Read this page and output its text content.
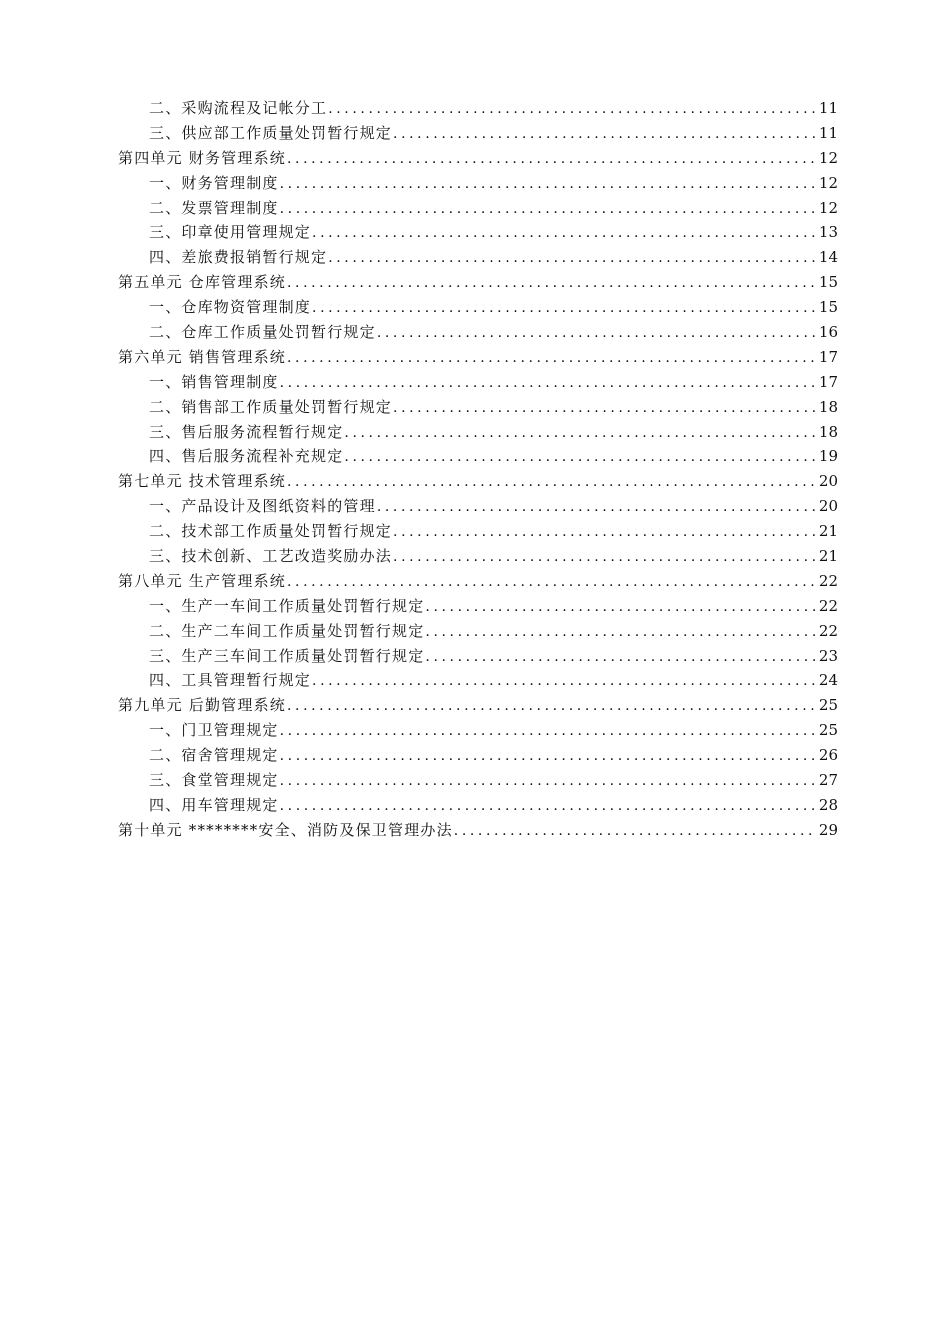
二、采购流程及记帐分工 .....	11
三、供应部工作质量处罚暂行规定 .....	11
第四单元 财务管理系统 .....	12
一、财务管理制度 .....	12
二、发票管理制度 .....	12
三、印章使用管理规定 .....	13
四、差旅费报销暂行规定 .....	14
第五单元 仓库管理系统 .....	15
一、仓库物资管理制度 .....	15
二、仓库工作质量处罚暂行规定 .....	16
第六单元 销售管理系统 .....	17
一、销售管理制度 .....	17
二、销售部工作质量处罚暂行规定 .....	18
三、售后服务流程暂行规定 .....	18
四、售后服务流程补充规定 .....	19
第七单元 技术管理系统 .....	20
一、产品设计及图纸资料的管理 .....	20
二、技术部工作质量处罚暂行规定 .....	21
三、技术创新、工艺改造奖励办法 .....	21
第八单元 生产管理系统 .....	22
一、生产一车间工作质量处罚暂行规定 .....	22
二、生产二车间工作质量处罚暂行规定 .....	22
三、生产三车间工作质量处罚暂行规定 .....	23
四、工具管理暂行规定 .....	24
第九单元 后勤管理系统 .....	25
一、门卫管理规定 .....	25
二、宿舍管理规定 .....	26
三、食堂管理规定 .....	27
四、用车管理规定 .....	28
第十单元 ********安全、消防及保卫管理办法 .....	29
